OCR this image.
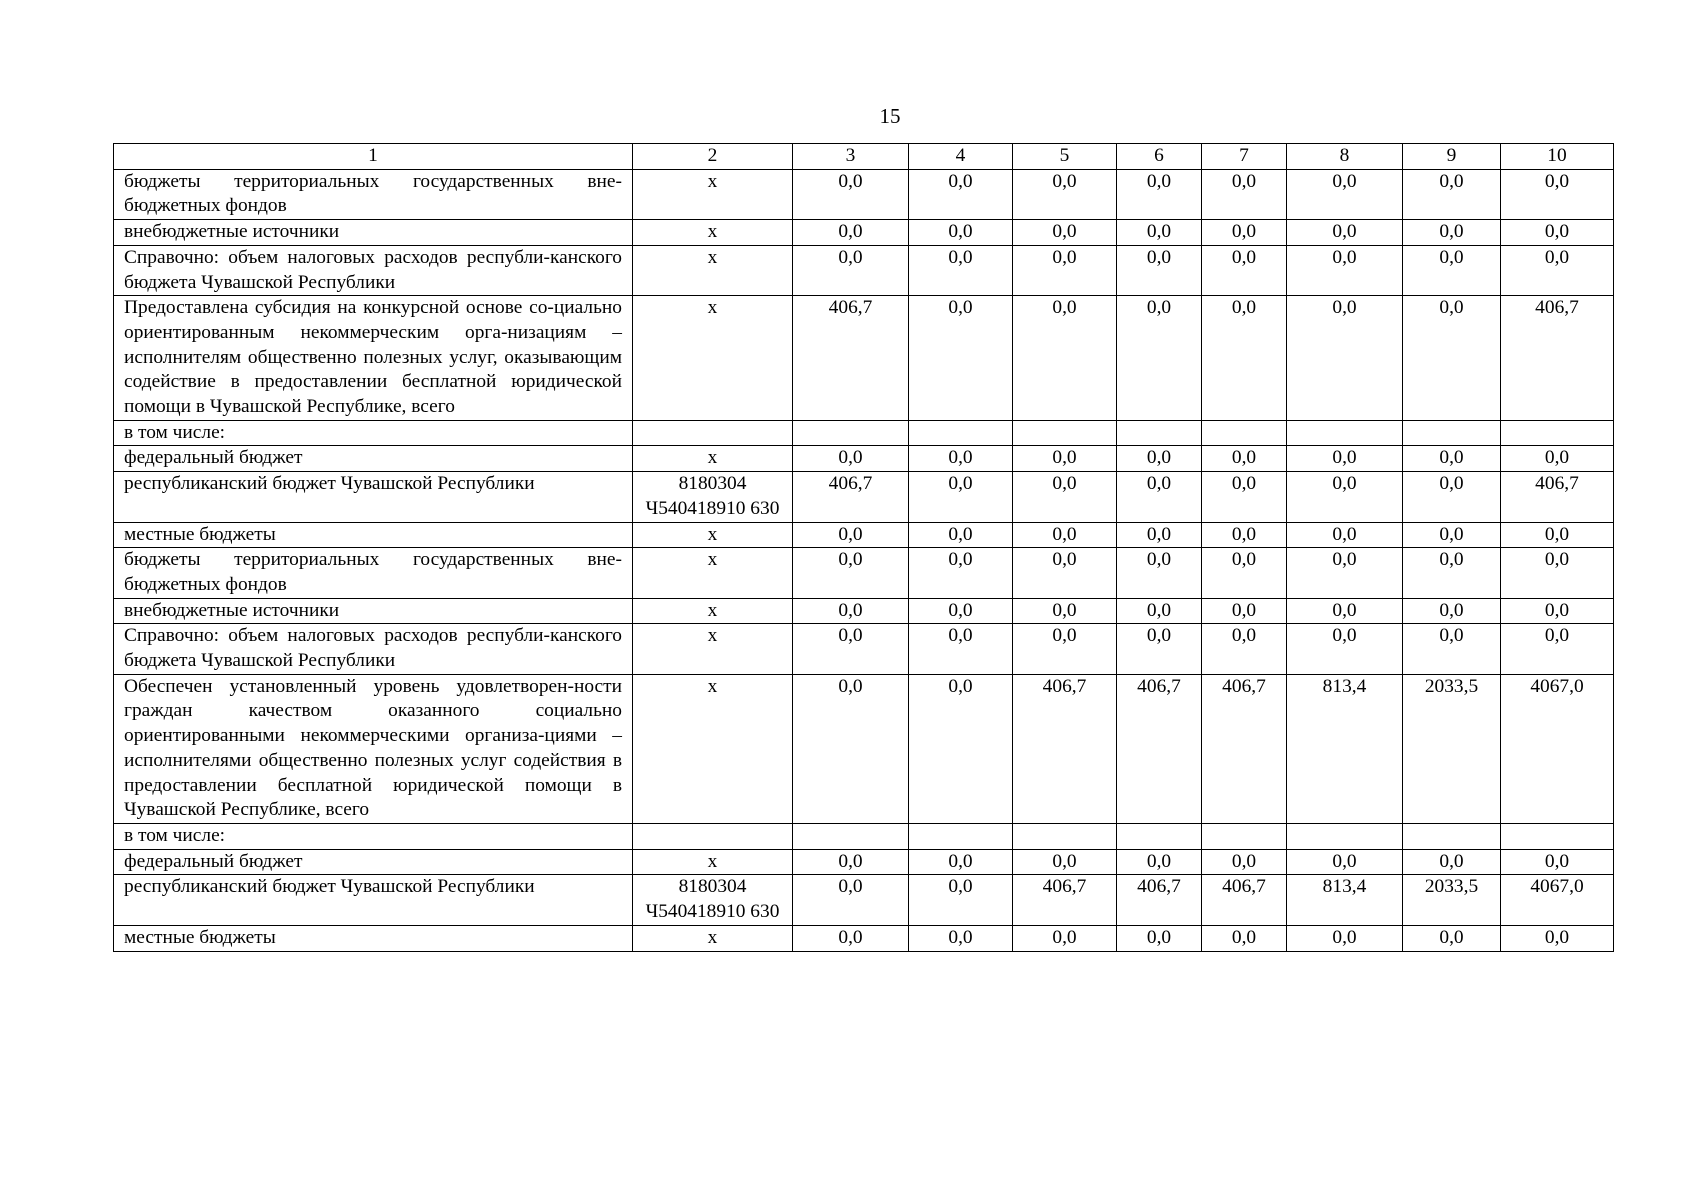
15
1	2	3	4	5	6	7	8	9	10
бюджеты территориальных государственных вне-бюджетных фондов	x	0,0	0,0	0,0	0,0	0,0	0,0	0,0	0,0
внебюджетные источники	x	0,0	0,0	0,0	0,0	0,0	0,0	0,0	0,0
Справочно: объем налоговых расходов республи-канского бюджета Чувашской Республики	x	0,0	0,0	0,0	0,0	0,0	0,0	0,0	0,0
Предоставлена субсидия на конкурсной основе со-циально ориентированным некоммерческим орга-низациям – исполнителям общественно полезных услуг, оказывающим содействие в предоставлении бесплатной юридической помощи в Чувашской Республике, всего	x	406,7	0,0	0,0	0,0	0,0	0,0	0,0	406,7
в том числе:									
федеральный бюджет	x	0,0	0,0	0,0	0,0	0,0	0,0	0,0	0,0
республиканский бюджет Чувашской Республики	8180304 Ч540418910 630	406,7	0,0	0,0	0,0	0,0	0,0	0,0	406,7
местные бюджеты	x	0,0	0,0	0,0	0,0	0,0	0,0	0,0	0,0
бюджеты территориальных государственных вне-бюджетных фондов	x	0,0	0,0	0,0	0,0	0,0	0,0	0,0	0,0
внебюджетные источники	x	0,0	0,0	0,0	0,0	0,0	0,0	0,0	0,0
Справочно: объем налоговых расходов республи-канского бюджета Чувашской Республики	x	0,0	0,0	0,0	0,0	0,0	0,0	0,0	0,0
Обеспечен установленный уровень удовлетворен-ности граждан качеством оказанного социально ориентированными некоммерческими организа-циями – исполнителями общественно полезных услуг содействия в предоставлении бесплатной юридической помощи в Чувашской Республике, всего	x	0,0	0,0	406,7	406,7	406,7	813,4	2033,5	4067,0
в том числе:									
федеральный бюджет	x	0,0	0,0	0,0	0,0	0,0	0,0	0,0	0,0
республиканский бюджет Чувашской Республики	8180304 Ч540418910 630	0,0	0,0	406,7	406,7	406,7	813,4	2033,5	4067,0
местные бюджеты	x	0,0	0,0	0,0	0,0	0,0	0,0	0,0	0,0
